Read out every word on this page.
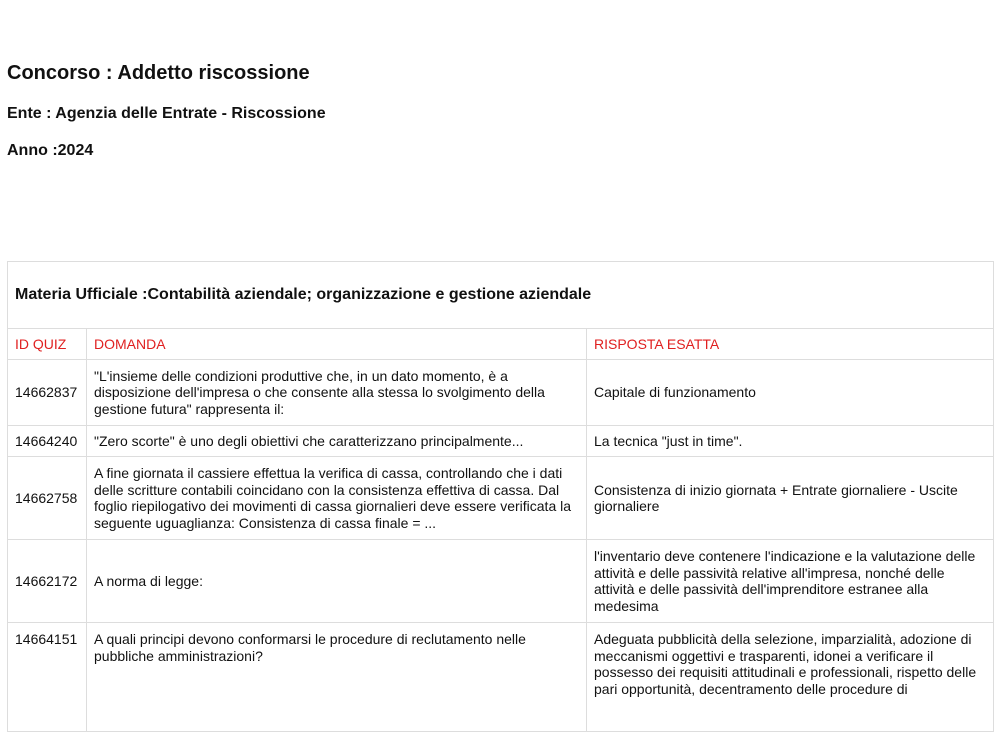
Concorso : Addetto riscossione
Ente : Agenzia delle Entrate - Riscossione
Anno :2024
Materia Ufficiale :Contabilità aziendale; organizzazione e gestione aziendale		
ID QUIZ	DOMANDA	RISPOSTA ESATTA
14662837	"L'insieme delle condizioni produttive che, in un dato momento, è a disposizione dell'impresa o che consente alla stessa lo svolgimento della gestione futura" rappresenta il:	Capitale di funzionamento
14664240	"Zero scorte" è uno degli obiettivi che caratterizzano principalmente...	La tecnica "just in time".
14662758	A fine giornata il cassiere effettua la verifica di cassa, controllando che i dati delle scritture contabili coincidano con la consistenza effettiva di cassa. Dal foglio riepilogativo dei movimenti di cassa giornalieri deve essere verificata la seguente uguaglianza: Consistenza di cassa finale = ...	Consistenza di inizio giornata + Entrate giornaliere - Uscite giornaliere
14662172	A norma di legge:	l'inventario deve contenere l'indicazione e la valutazione delle attività e delle passività relative all'impresa, nonché delle attività e delle passività dell'imprenditore estranee alla medesima
14664151	A quali principi devono conformarsi le procedure di reclutamento nelle pubbliche amministrazioni?	Adeguata pubblicità della selezione, imparzialità, adozione di meccanismi oggettivi e trasparenti, idonei a verificare il possesso dei requisiti attitudinali e professionali, rispetto delle pari opportunità, decentramento delle procedure di
